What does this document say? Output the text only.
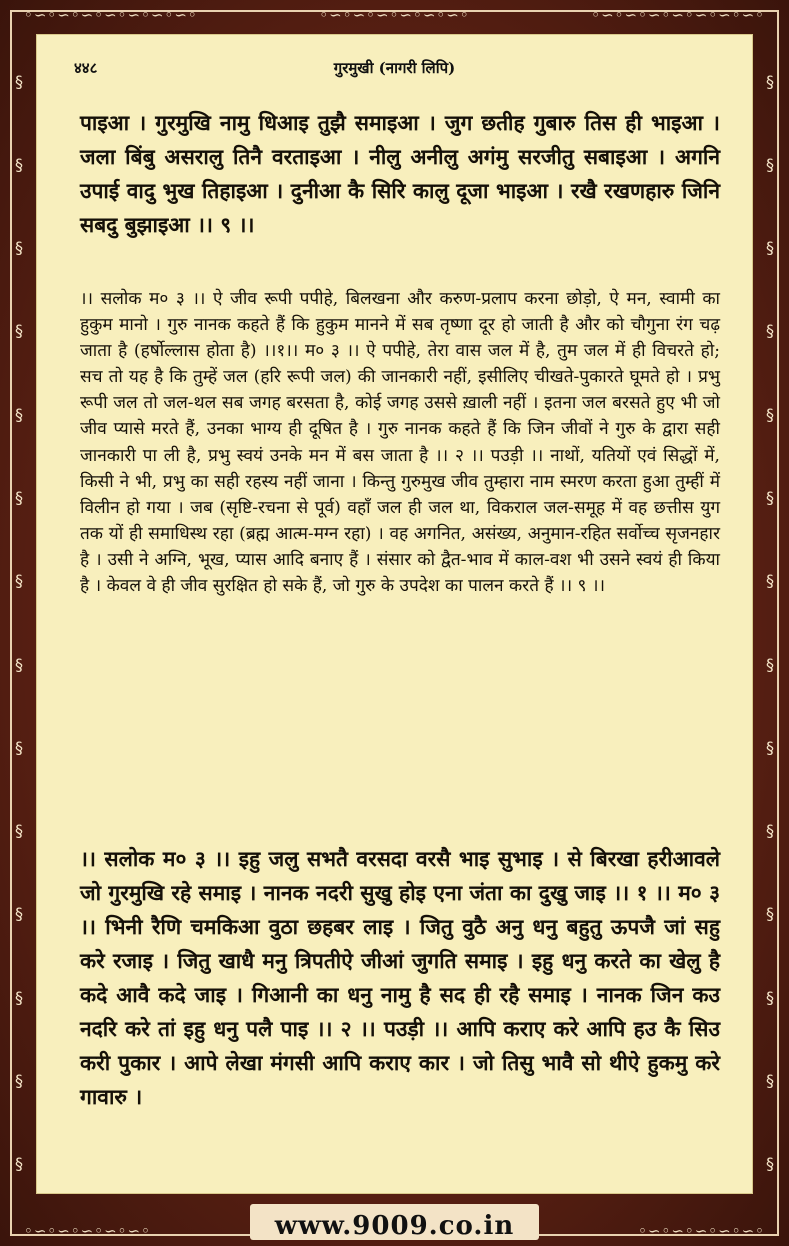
◦∽◦∽◦∽◦∽◦∽◦∽◦∽◦	◦∽◦∽◦∽◦∽◦∽◦∽◦	◦∽◦∽◦∽◦∽◦∽◦∽◦∽◦
§
§
§
§
§
§
§
§
§
§
§
§
§
§
§
§
§
§
§
§
§
§
§
§
§
§
§
§
◦∽◦∽◦∽◦∽◦∽◦	◦∽◦∽◦∽◦∽◦∽◦
४४८	गुरमुखी (नागरी लिपि)
पाइआ । गुरमुखि नामु धिआइ तुझै समाइआ । जुग छतीह गुबारु तिस ही भाइआ । जला बिंबु असरालु तिनै वरताइआ । नीलु अनीलु अगंमु सरजीतु सबाइआ । अगनि उपाई वादु भुख तिहाइआ । दुनीआ कै सिरि कालु दूजा भाइआ । रखै रखणहारु जिनि सबदु बुझाइआ ।। ९ ।।
।। सलोक म० ३ ।। ऐ जीव रूपी पपीहे, बिलखना और करुण-प्रलाप करना छोड़ो, ऐ मन, स्वामी का हुकुम मानो । गुरु नानक कहते हैं कि हुकुम मानने में सब तृष्णा दूर हो जाती है और को चौगुना रंग चढ़ जाता है (हर्षोल्लास होता है) ।।१।। म० ३ ।। ऐ पपीहे, तेरा वास जल में है, तुम जल में ही विचरते हो; सच तो यह है कि तुम्हें जल (हरि रूपी जल) की जानकारी नहीं, इसीलिए चीखते-पुकारते घूमते हो । प्रभु रूपी जल तो जल-थल सब जगह बरसता है, कोई जगह उससे ख़ाली नहीं । इतना जल बरसते हुए भी जो जीव प्यासे मरते हैं, उनका भाग्य ही दूषित है । गुरु नानक कहते हैं कि जिन जीवों ने गुरु के द्वारा सही जानकारी पा ली है, प्रभु स्वयं उनके मन में बस जाता है ।। २ ।। पउड़ी ।। नाथों, यतियों एवं सिद्धों में, किसी ने भी, प्रभु का सही रहस्य नहीं जाना । किन्तु गुरुमुख जीव तुम्हारा नाम स्मरण करता हुआ तुम्हीं में विलीन हो गया । जब (सृष्टि-रचना से पूर्व) वहाँ जल ही जल था, विकराल जल-समूह में वह छत्तीस युग तक यों ही समाधिस्थ रहा (ब्रह्म आत्म-मग्न रहा) । वह अगनित, असंख्य, अनुमान-रहित सर्वोच्च सृजनहार है । उसी ने अग्नि, भूख, प्यास आदि बनाए हैं । संसार को द्वैत-भाव में काल-वश भी उसने स्वयं ही किया है । केवल वे ही जीव सुरक्षित हो सके हैं, जो गुरु के उपदेश का पालन करते हैं ।। ९ ।।
।। सलोक म० ३ ।। इहु जलु सभतै वरसदा वरसै भाइ सुभाइ । से बिरखा हरीआवले जो गुरमुखि रहे समाइ । नानक नदरी सुखु होइ एना जंता का दुखु जाइ ।। १ ।। म० ३ ।। भिनी रैणि चमकिआ वुठा छहबर लाइ । जितु वुठै अनु धनु बहुतु ऊपजै जां सहु करे रजाइ । जितु खाधै मनु त्रिपतीऐ जीआं जुगति समाइ । इहु धनु करते का खेलु है कदे आवै कदे जाइ । गिआनी का धनु नामु है सद ही रहै समाइ । नानक जिन कउ नदरि करे तां इहु धनु पलै पाइ ।। २ ।। पउड़ी ।। आपि कराए करे आपि हउ कै सिउ करी पुकार । आपे लेखा मंगसी आपि कराए कार । जो तिसु भावै सो थीऐ हुकमु करे गावारु ।
www.9009.co.in
